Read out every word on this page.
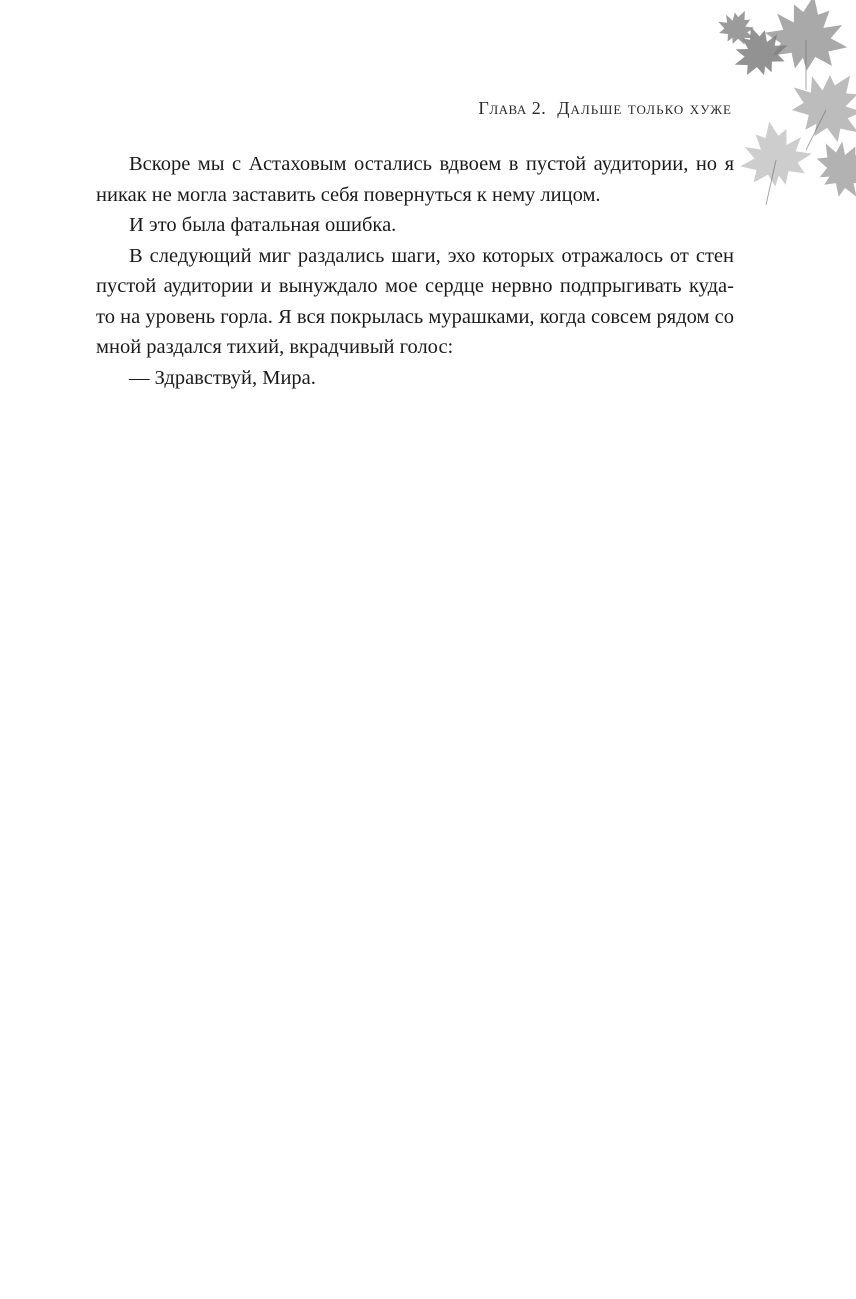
Глава 2. Дальше только хуже

Вскоре мы с Астаховым остались вдвоем в пустой аудитории, но я никак не могла заставить себя повернуться к нему лицом.

И это была фатальная ошибка.

В следующий миг раздались шаги, эхо которых отражалось от стен пустой аудитории и вынуждало мое сердце нервно подпрыгивать куда-то на уровень горла. Я вся покрылась мурашками, когда совсем рядом со мной раздался тихий, вкрадчивый голос:

— Здравствуй, Мира.
